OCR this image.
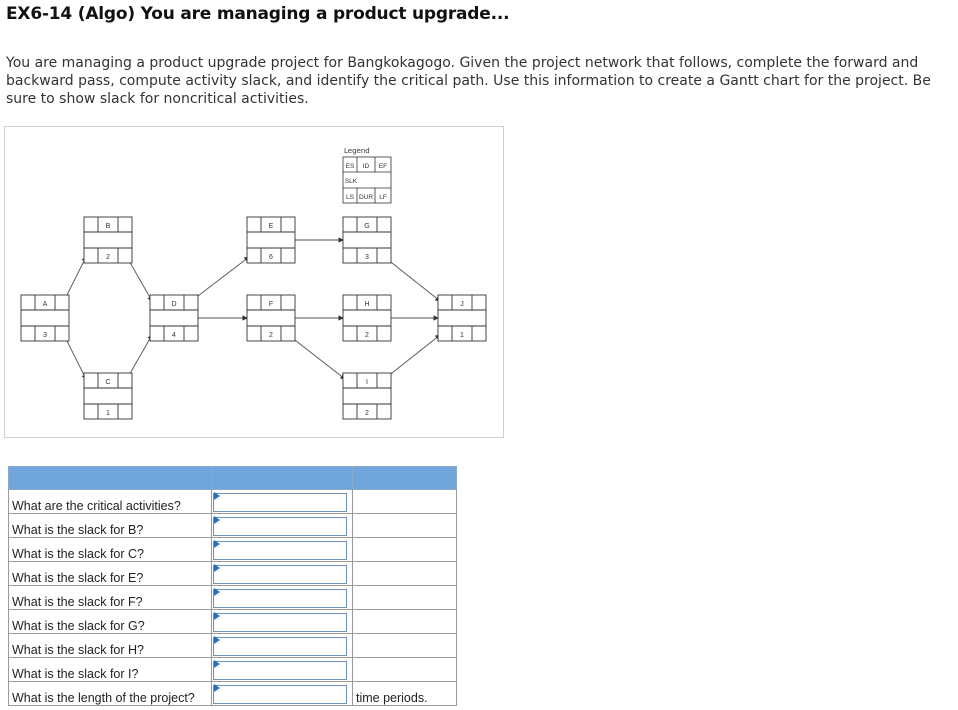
EX6-14 (Algo) You are managing a product upgrade...
You are managing a product upgrade project for Bangkokagogo. Given the project network that follows, complete the forward and backward pass, compute activity slack, and identify the critical path. Use this information to create a Gantt chart for the project. Be sure to show slack for noncritical activities.
A
3
B
2
C
1
D
4
E
6
F
2
G
3
H
2
I
2
J
1
Legend
ES ID EF
SLK
LS DUR LF

What are the critical activities?	

What is the slack for B?	

What is the slack for C?	

What is the slack for E?	

What is the slack for F?	

What is the slack for G?	

What is the slack for H?	

What is the slack for I?	

What is the length of the project?		time periods.
